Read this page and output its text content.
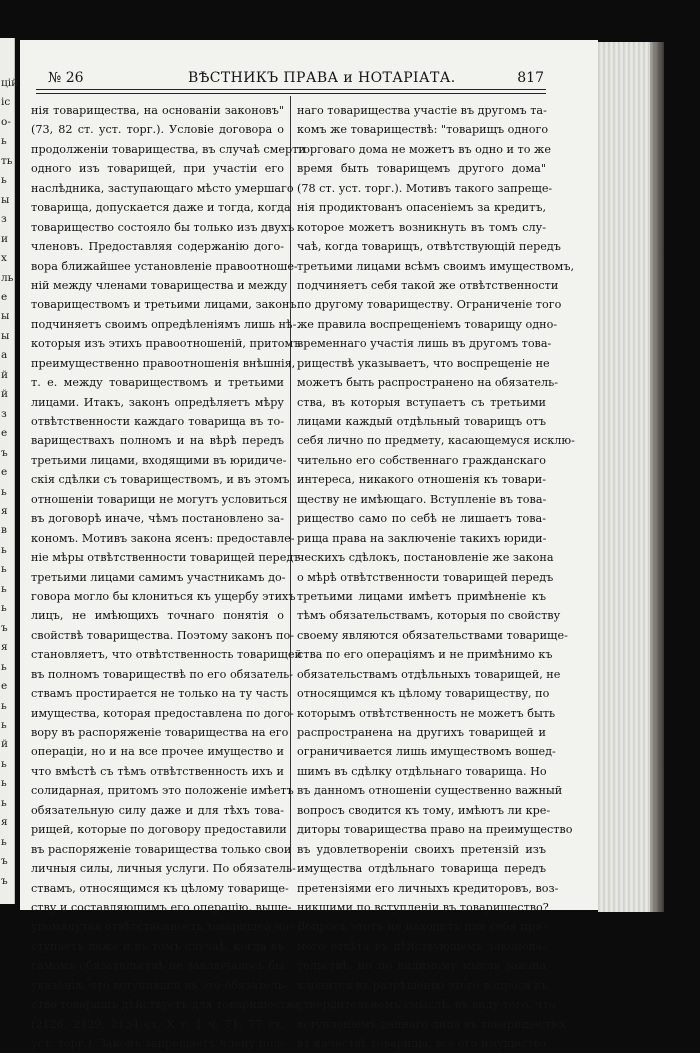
цій
іс
о-
ь
ть
ь
ы
з
и
х
ль
е
ы
ы
а
й
й
з
е
ъ
е
ь
я
в
ь
ь
ь
ь
ъ
я
ь
е
ь
ь
й
ь
ь
ь
я
ь
ъ
ъ
№ 26	ВѢСТНИКЪ ПРАВА и НОТАРІАТА.	817
нія товарищества, на основаніи законовъ"
(73, 82 ст. уст. торг.). Условіе договора о
продолженіи товарищества, въ случаѣ смерти
одного изъ товарищей, при участіи его
наслѣдника, заступающаго мѣсто умершаго
товарища, допускается даже и тогда, когда
товарищество состояло бы только изъ двухъ
членовъ. Предоставляя содержанію дого-
вора ближайшее установленіе правоотноше-
ній между членами товарищества и между
товариществомъ и третьими лицами, законъ
подчиняетъ своимъ опредѣленіямъ лишь нѣ-
которыя изъ этихъ правоотношеній, притомъ
преимущественно правоотношенія внѣшнія,
т. е. между товариществомъ и третьими
лицами. Итакъ, законъ опредѣляетъ мѣру
отвѣтственности каждаго товарища въ то-
вариществахъ полномъ и на вѣрѣ передъ
третьими лицами, входящими въ юридиче-
скія сдѣлки съ товариществомъ, и въ этомъ
отношеніи товарищи не могутъ условиться
въ договорѣ иначе, чѣмъ постановлено за-
кономъ. Мотивъ закона ясенъ: предоставле-
ніе мѣры отвѣтственности товарищей передъ
третьими лицами самимъ участникамъ до-
говора могло бы клониться къ ущербу этихъ
лицъ, не имѣющихъ точнаго понятія о
свойствѣ товарищества. Поэтому законъ по-
становляетъ, что отвѣтственность товарищей
въ полномъ товариществѣ по его обязатель-
ствамъ простирается не только на ту часть
имущества, которая предоставлена по дого-
вору въ распоряженіе товарищества на его
операціи, но и на все прочее имущество и
что вмѣстѣ съ тѣмъ отвѣтственность ихъ и
солидарная, притомъ это положеніе имѣетъ
обязательную силу даже и для тѣхъ това-
рищей, которые по договору предоставили
въ распоряженіе товарищества только свои
личныя силы, личныя услуги. По обязатель-
ствамъ, относящимся къ цѣлому товарище-
ству и составляющимъ его операцію, выше-
упомянутая отвѣтственность товарищей на-
ступаетъ даже и въ томъ случаѣ, когда въ
самомъ обязательствѣ не заключалось бы
указанія, что вступившій въ это обязатель-
ство товарищъ дѣйствуетъ для товарищества
(2126, 2129, 2134 ст. X т. 1 ч; 71, 77 ст.
уст. торг.). Законъ запрещаетъ члену пол-
наго товарищества участіе въ другомъ та-
комъ же товариществѣ: "товарищъ одного
торговаго дома не можетъ въ одно и то же
время быть товарищемъ другого дома"
(78 ст. уст. торг.). Мотивъ такого запреще-
нія продиктованъ опасеніемъ за кредитъ,
которое можетъ возникнуть въ томъ слу-
чаѣ, когда товарищъ, отвѣтствующій передъ
третьими лицами всѣмъ своимъ имуществомъ,
подчиняетъ себя такой же отвѣтственности
по другому товариществу. Ограниченіе того
же правила воспрещеніемъ товарищу одно-
временнаго участія лишь въ другомъ това-
риществѣ указываетъ, что воспрещеніе не
можетъ быть распространено на обязатель-
ства, въ которыя вступаетъ съ третьими
лицами каждый отдѣльный товарищъ отъ
себя лично по предмету, касающемуся исклю-
чительно его собственнаго гражданскаго
интереса, никакого отношенія къ товари-
ществу не имѣющаго. Вступленіе въ това-
рищество само по себѣ не лишаетъ това-
рища права на заключеніе такихъ юриди-
ческихъ сдѣлокъ, постановленіе же закона
о мѣрѣ отвѣтственности товарищей передъ
третьими лицами имѣетъ примѣненіе къ
тѣмъ обязательствамъ, которыя по свойству
своему являются обязательствами товарище-
ства по его операціямъ и не примѣнимо къ
обязательствамъ отдѣльныхъ товарищей, не
относящимся къ цѣлому товариществу, по
которымъ отвѣтственность не можетъ быть
распространена на другихъ товарищей и
ограничивается лишь имуществомъ вошед-
шимъ въ сдѣлку отдѣльнаго товарища. Но
въ данномъ отношеніи существенно важный
вопросъ сводится къ тому, имѣютъ ли кре-
диторы товарищества право на преимущество
въ удовлетвореніи своихъ претензій изъ
имущества отдѣльнаго товарища передъ
претензіями его личныхъ кредиторовъ, воз-
никшими по вступленіи въ товарищество?
Вопросъ этотъ не находитъ для себя пря-
мого отвѣта въ дѣйствующемъ законода-
тельствѣ, но по видимому мысль закона
клонится въ разрѣшенію этого вопроса въ
утвердительномъ смыслѣ, въ виду того, что
вступленіемъ даннаго лица въ товарищество,
въ качествѣ товарища, все его имущество
